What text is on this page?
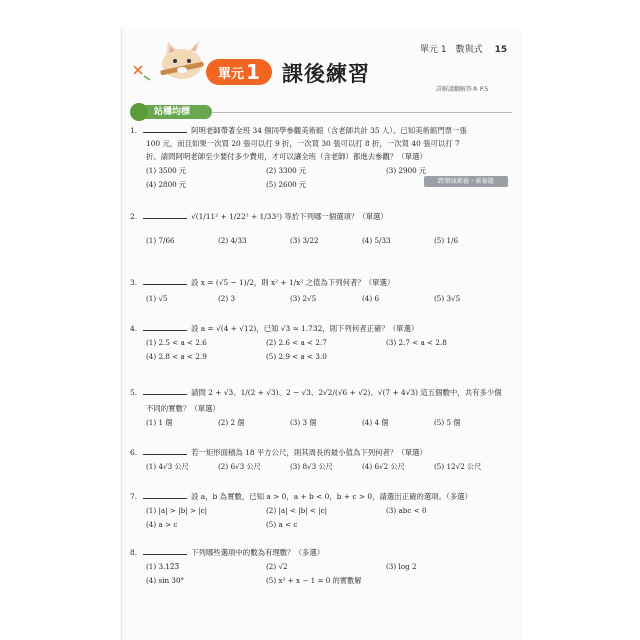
單元 1　數與式 15
單元 1 課後練習
詳解請翻解答本 P.5
站穩均標
1.	阿明老師帶著全班 34 個同學參觀美術館（含老師共計 35 人）。已知美術館門票一張
100 元，而且如果一次買 20 張可以打 9 折，一次買 30 張可以打 8 折，一次買 40 張可以打 7
折。請問阿明老師至少要付多少費用，才可以讓全班（含老師）都進去參觀？（單選）
(1) 3500 元	(2) 3300 元	(3) 2900 元
(4) 2800 元	(5) 2600 元	跨領域素養・素養題
2.	√(1/11² + 1/22² + 1/33²) 等於下列哪一個選項？（單選）
(1) 7/66	(2) 4/33	(3) 3/22	(4) 5/33	(5) 1/6
3.	設 x = (√5 − 1)/2，則 x² + 1/x² 之值為下列何者？（單選）
(1) √5	(2) 3	(3) 2√5	(4) 6	(5) 3√5
4.	設 a = √(4 + √12)，已知 √3 ≈ 1.732，則下列何者正確？（單選）
(1) 2.5 < a < 2.6	(2) 2.6 < a < 2.7	(3) 2.7 < a < 2.8
(4) 2.8 < a < 2.9	(5) 2.9 < a < 3.0
5.	請問 2 + √3、1/(2 + √3)、2 − √3、2√2/(√6 + √2)、√(7 + 4√3) 這五個數中，共有多少個
不同的實數？（單選）
(1) 1 個	(2) 2 個	(3) 3 個	(4) 4 個	(5) 5 個
6.	若一矩形面積為 18 平方公尺，則其周長的最小值為下列何者？（單選）
(1) 4√3 公尺	(2) 6√3 公尺	(3) 8√3 公尺	(4) 6√2 公尺	(5) 12√2 公尺
7.	設 a，b 為實數，已知 a > 0，a + b < 0，b + c > 0，請選出正確的選項。（多選）
(1) |a| > |b| > |c|	(2) |a| < |b| < |c|	(3) abc < 0
(4) a > c	(5) a < c
8.	下列哪些選項中的數為有理數？（多選）
(1) 3.12̅3̅	(2) √2	(3) log 2
(4) sin 30°	(5) x² + x − 1 = 0 的實數解
